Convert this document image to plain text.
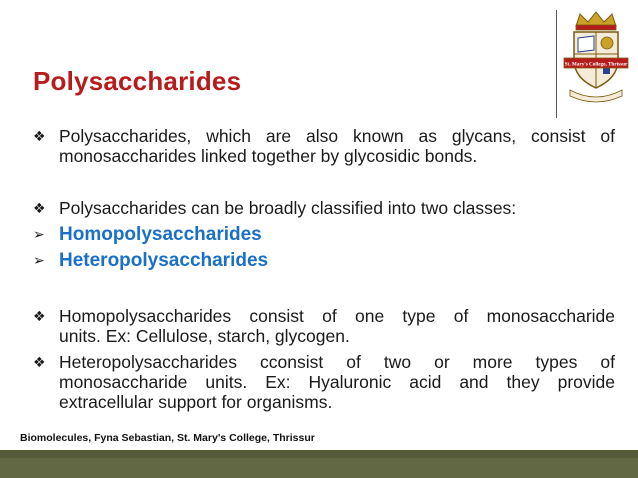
St. Mary's College, Thrissur
Polysaccharides
❖ Polysaccharides, which are also known as glycans, consist of
monosaccharides linked together by glycosidic bonds.
❖ Polysaccharides can be broadly classified into two classes:
➢ Homopolysaccharides
➢ Heteropolysaccharides
❖ Homopolysaccharides consist of one type of monosaccharide
units. Ex: Cellulose, starch, glycogen.
❖ Heteropolysaccharides cconsist of two or more types of
monosaccharide units. Ex: Hyaluronic acid and they provide
extracellular support for organisms.
Biomolecules, Fyna Sebastian, St. Mary's College, Thrissur
